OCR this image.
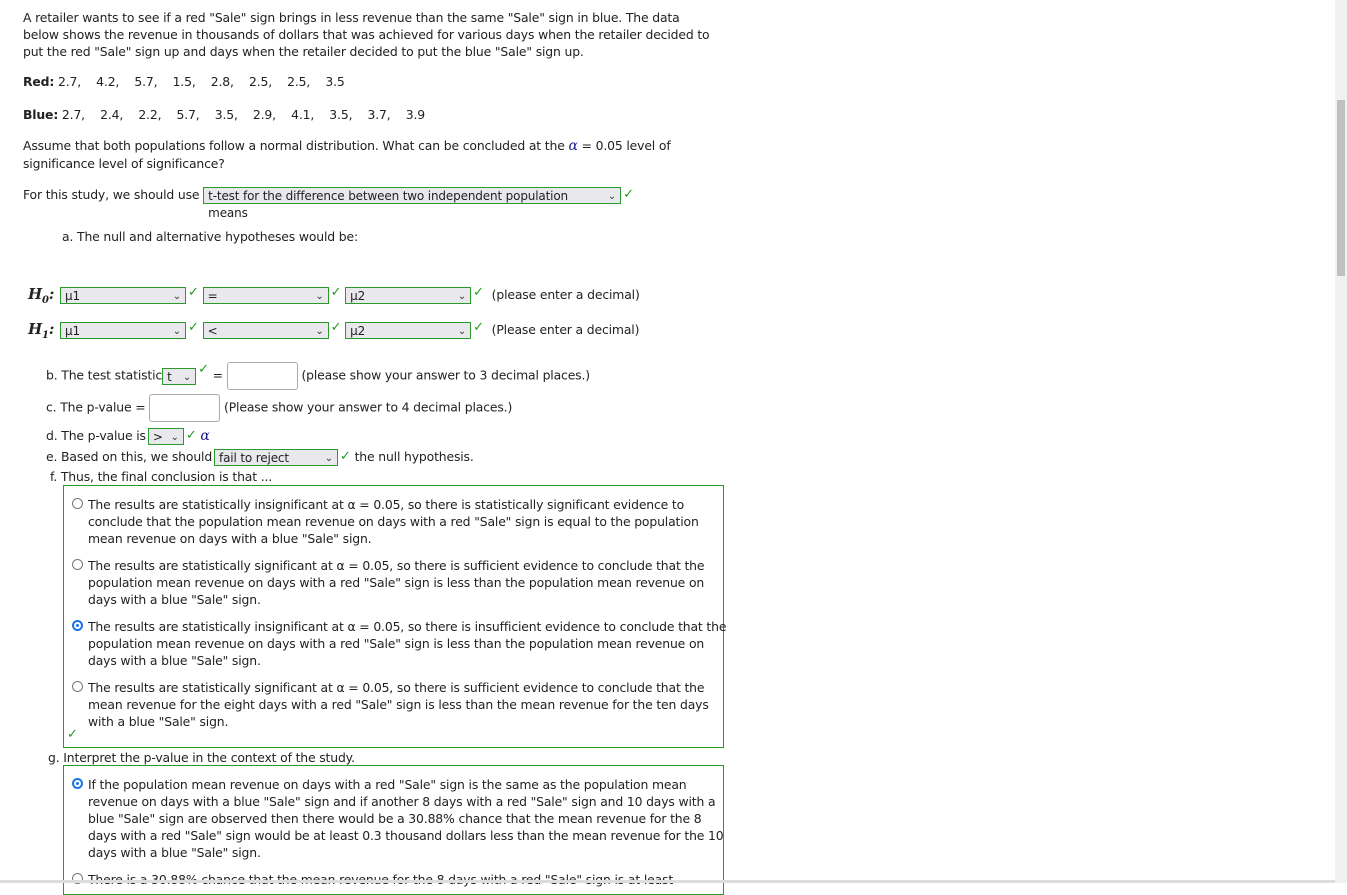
A retailer wants to see if a red "Sale" sign brings in less revenue than the same "Sale" sign in blue. The data below shows the revenue in thousands of dollars that was achieved for various days when the retailer decided to put the red "Sale" sign up and days when the retailer decided to put the blue "Sale" sign up.

Red: 2.7,    4.2,    5.7,    1.5,    2.8,    2.5,    2.5,    3.5

Blue: 2.7,    2.4,    2.2,    5.7,    3.5,    2.9,    4.1,    3.5,    3.7,    3.9

Assume that both populations follow a normal distribution. What can be concluded at the α = 0.05 level of significance level of significance?

For this study, we should use t-test for the difference between two independent population means
⌄ ✓

a. The null and alternative hypotheses would be:

$H_0$: μ1	⌄ ✓ =	⌄ ✓ μ2	⌄ ✓ (please enter a decimal)
$H_1$: μ1	⌄ ✓ <	⌄ ✓ μ2	⌄ ✓ (Please enter a decimal)
b. The test statistic t ⌄ ✓ =	(please show your answer to 3 decimal places.)
c. The p-value =	(Please show your answer to 4 decimal places.)
d. The p-value is > ⌄ ✓ α
e. Based on this, we should fail to reject	⌄ ✓ the null hypothesis.

f. Thus, the final conclusion is that ...

The results are statistically insignificant at α = 0.05, so there is statistically significant evidence to conclude that the population mean revenue on days with a red "Sale" sign is equal to the population mean revenue on days with a blue "Sale" sign.
The results are statistically significant at α = 0.05, so there is sufficient evidence to conclude that the population mean revenue on days with a red "Sale" sign is less than the population mean revenue on days with a blue "Sale" sign.
The results are statistically insignificant at α = 0.05, so there is insufficient evidence to conclude that the population mean revenue on days with a red "Sale" sign is less than the population mean revenue on days with a blue "Sale" sign.
The results are statistically significant at α = 0.05, so there is sufficient evidence to conclude that the mean revenue for the eight days with a red "Sale" sign is less than the mean revenue for the ten days with a blue "Sale" sign.
✓

g. Interpret the p-value in the context of the study.

If the population mean revenue on days with a red "Sale" sign is the same as the population mean revenue on days with a blue "Sale" sign and if another 8 days with a red "Sale" sign and 10 days with a blue "Sale" sign are observed then there would be a 30.88% chance that the mean revenue for the 8 days with a red "Sale" sign would be at least 0.3 thousand dollars less than the mean revenue for the 10 days with a blue "Sale" sign.
